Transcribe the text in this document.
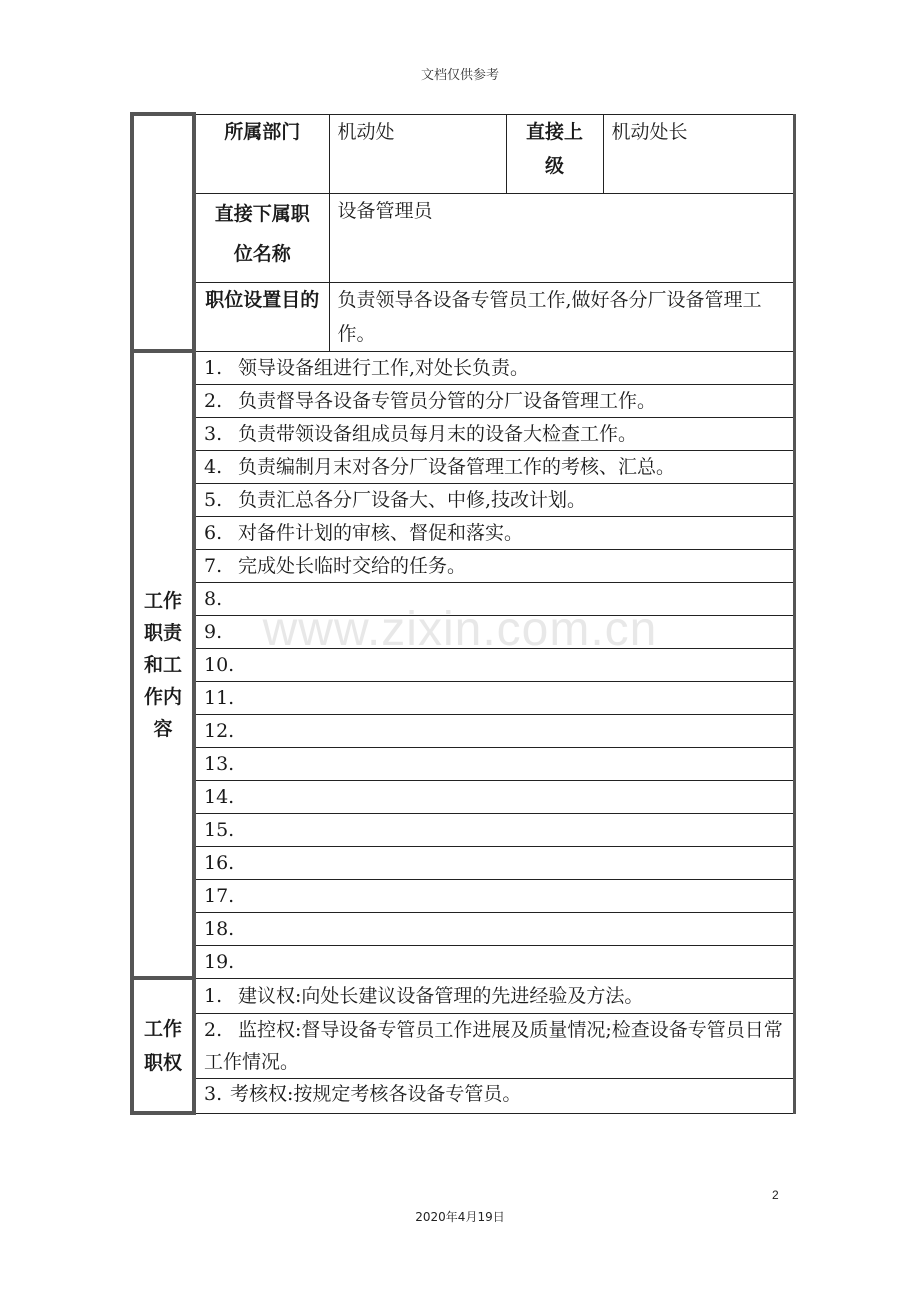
文档仅供参考
www.zixin.com.cn
	所属部门	机动处	直接上级	机动处长
	直接下属职位名称	设备管理员		
	职位设置目的	负责领导各设备专管员工作,做好各分厂设备管理工作。		
工作职责和工作内容	1. 领导设备组进行工作,对处长负责。			
	2. 负责督导各设备专管员分管的分厂设备管理工作。			
	3. 负责带领设备组成员每月末的设备大检查工作。			
	4. 负责编制月末对各分厂设备管理工作的考核、汇总。			
	5. 负责汇总各分厂设备大、中修,技改计划。			
	6. 对备件计划的审核、督促和落实。			
	7. 完成处长临时交给的任务。			
	8.			
	9.			
	10.			
	11.			
	12.			
	13.			
	14.			
	15.			
	16.			
	17.			
	18.			
	19.			
工作职权	1. 建议权:向处长建议设备管理的先进经验及方法。			
	2. 监控权:督导设备专管员工作进展及质量情况;检查设备专管员日常工作情况。			
	3. 考核权:按规定考核各设备专管员。			
2
2020年4月19日
